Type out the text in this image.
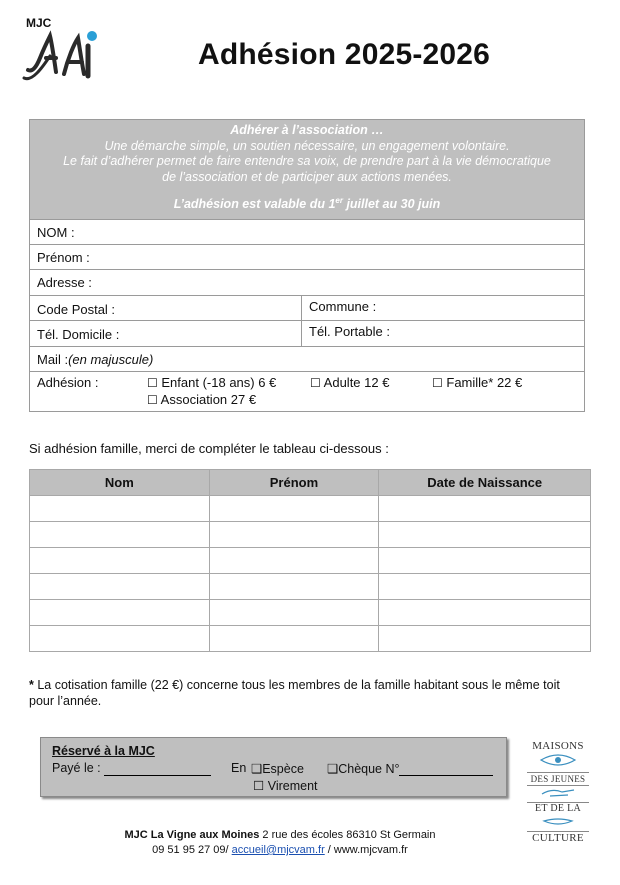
MJC
Adhésion 2025-2026
Adhérer à l’association …
Une démarche simple, un soutien nécessaire, un engagement volontaire.
Le fait d’adhérer permet de faire entendre sa voix, de prendre part à la vie démocratique
de l’association et de participer aux actions menées.
L’adhésion est valable du 1er juillet au 30 juin
NOM :
Prénom :
Adresse :
Code Postal :	Commune :
Tél. Domicile :	Tél. Portable :
Mail : (en majuscule)
Adhésion :	☐ Enfant (-18 ans) 6 €	☐ Adulte 12 €	☐ Famille* 22 €
☐ Association 27 €
Si adhésion famille, merci de compléter le tableau ci-dessous :
Nom	Prénom	Date de Naissance

* La cotisation famille (22 €) concerne tous les membres de la famille habitant sous le même toit pour l’année.
Réservé à la MJC
Payé le :	En ❑Espèce
☐ Virement
❑Chèque N°
MAISONS
DES JEUNES
ET DE LA
CULTURE
MJC La Vigne aux Moines 2 rue des écoles 86310 St Germain
09 51 95 27 09/ accueil@mjcvam.fr / www.mjcvam.fr
